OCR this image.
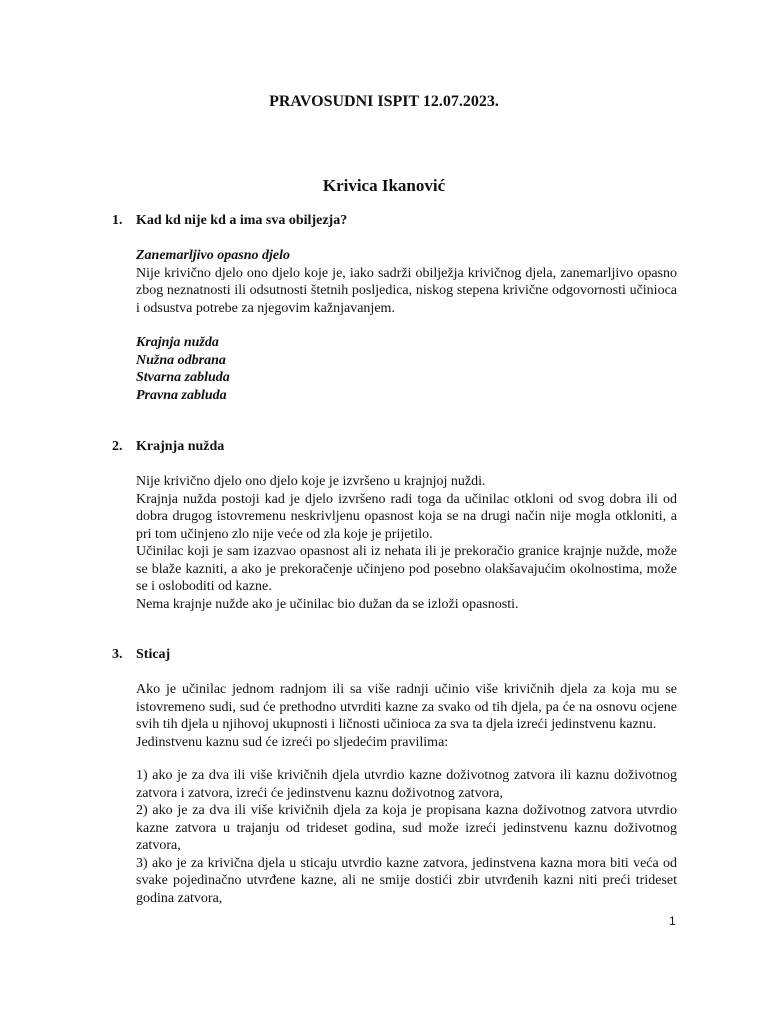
PRAVOSUDNI ISPIT 12.07.2023.
Krivica Ikanović
1. Kad kd nije kd a ima sva obiljezja?

Zanemarljivo opasno djelo

Nije krivično djelo ono djelo koje je, iako sadrži obilježja krivičnog djela, zanemarljivo opasno zbog neznatnosti ili odsutnosti štetnih posljedica, niskog stepena krivične odgovornosti učinioca i odsustva potrebe za njegovim kažnjavanjem.

Krajnja nužda

Nužna odbrana

Stvarna zabluda

Pravna zabluda

2. Krajnja nužda

Nije krivično djelo ono djelo koje je izvršeno u krajnjoj nuždi.

Krajnja nužda postoji kad je djelo izvršeno radi toga da učinilac otkloni od svog dobra ili od dobra drugog istovremenu neskrivljenu opasnost koja se na drugi način nije mogla otkloniti, a pri tom učinjeno zlo nije veće od zla koje je prijetilo.

Učinilac koji je sam izazvao opasnost ali iz nehata ili je prekoračio granice krajnje nužde, može se blaže kazniti, a ako je prekoračenje učinjeno pod posebno olakšavajućim okolnostima, može se i osloboditi od kazne.

Nema krajnje nužde ako je učinilac bio dužan da se izloži opasnosti.

3. Sticaj

Ako je učinilac jednom radnjom ili sa više radnji učinio više krivičnih djela za koja mu se istovremeno sudi, sud će prethodno utvrditi kazne za svako od tih djela, pa će na osnovu ocjene svih tih djela u njihovoj ukupnosti i ličnosti učinioca za sva ta djela izreći jedinstvenu kaznu.

Jedinstvenu kaznu sud će izreći po sljedećim pravilima:

1) ako je za dva ili više krivičnih djela utvrdio kazne doživotnog zatvora ili kaznu doživotnog zatvora i zatvora, izreći će jedinstvenu kaznu doživotnog zatvora,

2) ako je za dva ili više krivičnih djela za koja je propisana kazna doživotnog zatvora utvrdio kazne zatvora u trajanju od trideset godina, sud može izreći jedinstvenu kaznu doživotnog zatvora,

3) ako je za krivična djela u sticaju utvrdio kazne zatvora, jedinstvena kazna mora biti veća od svake pojedinačno utvrđene kazne, ali ne smije dostići zbir utvrđenih kazni niti preći trideset godina zatvora,

1
